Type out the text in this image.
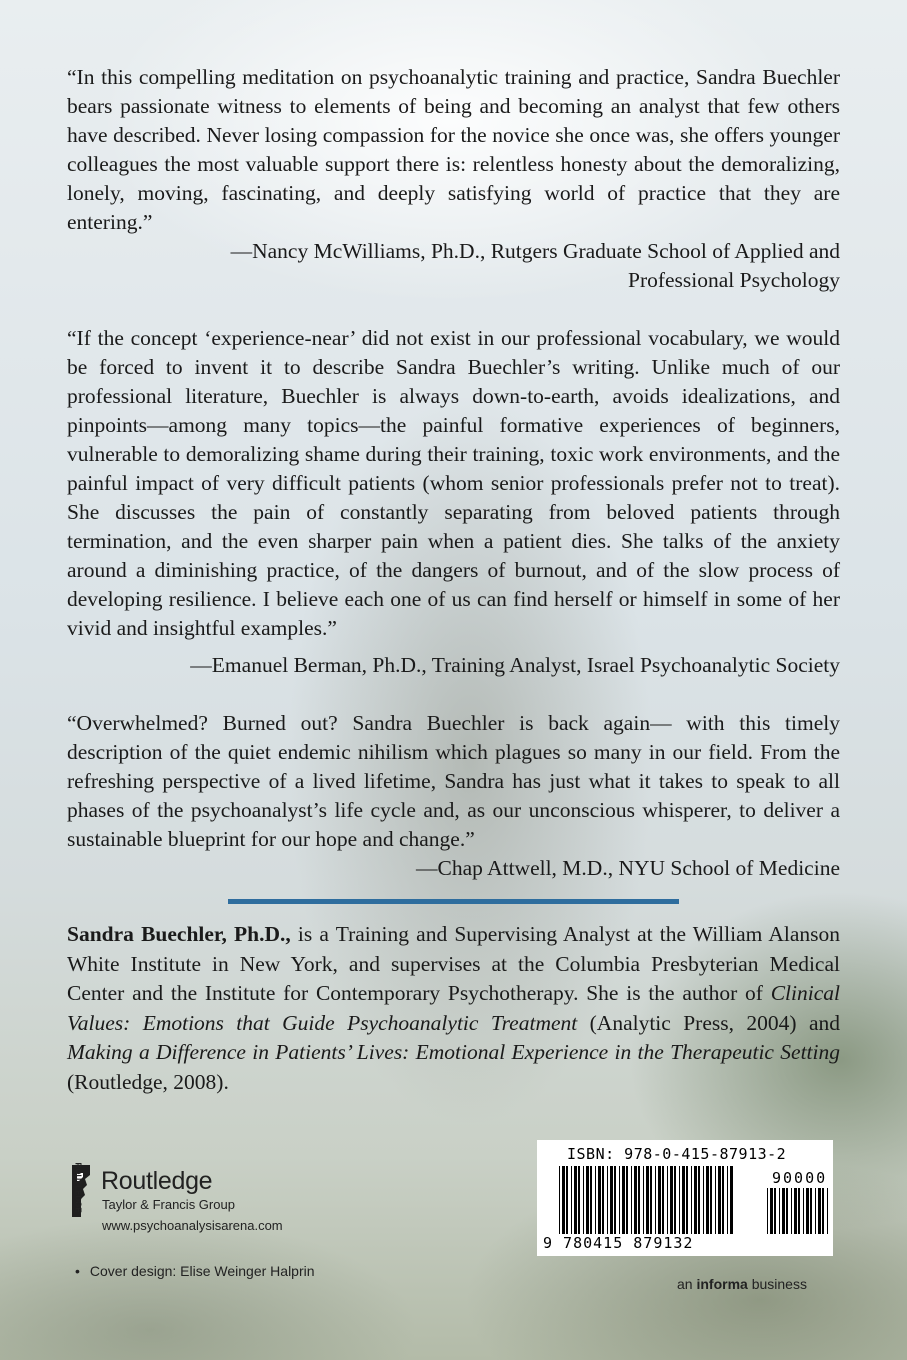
“In this compelling meditation on psychoanalytic training and practice, Sandra Buechler bears passionate witness to elements of being and becoming an analyst that few others have described. Never losing compassion for the novice she once was, she offers younger colleagues the most valuable support there is: relentless honesty about the demoralizing, lonely, moving, fascinating, and deeply satisfying world of practice that they are entering.”
—Nancy McWilliams, Ph.D., Rutgers Graduate School of Applied and Professional Psychology
“If the concept ‘experience-near’ did not exist in our professional vocabulary, we would be forced to invent it to describe Sandra Buechler’s writing. Unlike much of our professional literature, Buechler is always down-to-earth, avoids idealizations, and pinpoints—among many topics—the painful formative experiences of beginners, vulnerable to demoralizing shame during their training, toxic work environments, and the painful impact of very difficult patients (whom senior professionals prefer not to treat). She discusses the pain of constantly separating from beloved patients through termination, and the even sharper pain when a patient dies. She talks of the anxiety around a diminishing practice, of the dangers of burnout, and of the slow process of developing resilience. I believe each one of us can find herself or himself in some of her vivid and insightful examples.”
—Emanuel Berman, Ph.D., Training Analyst, Israel Psychoanalytic Society
“Overwhelmed? Burned out? Sandra Buechler is back again— with this timely description of the quiet endemic nihilism which plagues so many in our field. From the refreshing perspective of a lived lifetime, Sandra has just what it takes to speak to all phases of the psychoanalyst’s life cycle and, as our unconscious whisperer, to deliver a sustainable blueprint for our hope and change.”
—Chap Attwell, M.D., NYU School of Medicine
Sandra Buechler, Ph.D., is a Training and Supervising Analyst at the William Alanson White Institute in New York, and supervises at the Columbia Presbyterian Medical Center and the Institute for Contemporary Psychotherapy. She is the author of Clinical Values: Emotions that Guide Psychoanalytic Treatment (Analytic Press, 2004) and Making a Difference in Patients’ Lives: Emotional Experience in the Therapeutic Setting (Routledge, 2008).
ROUTLEDGE Routledge
Taylor & Francis Group
www.psychoanalysisarena.com
• Cover design: Elise Weinger Halprin
ISBN: 978-0-415-87913-2
90000
9 780415 879132
an informa business
